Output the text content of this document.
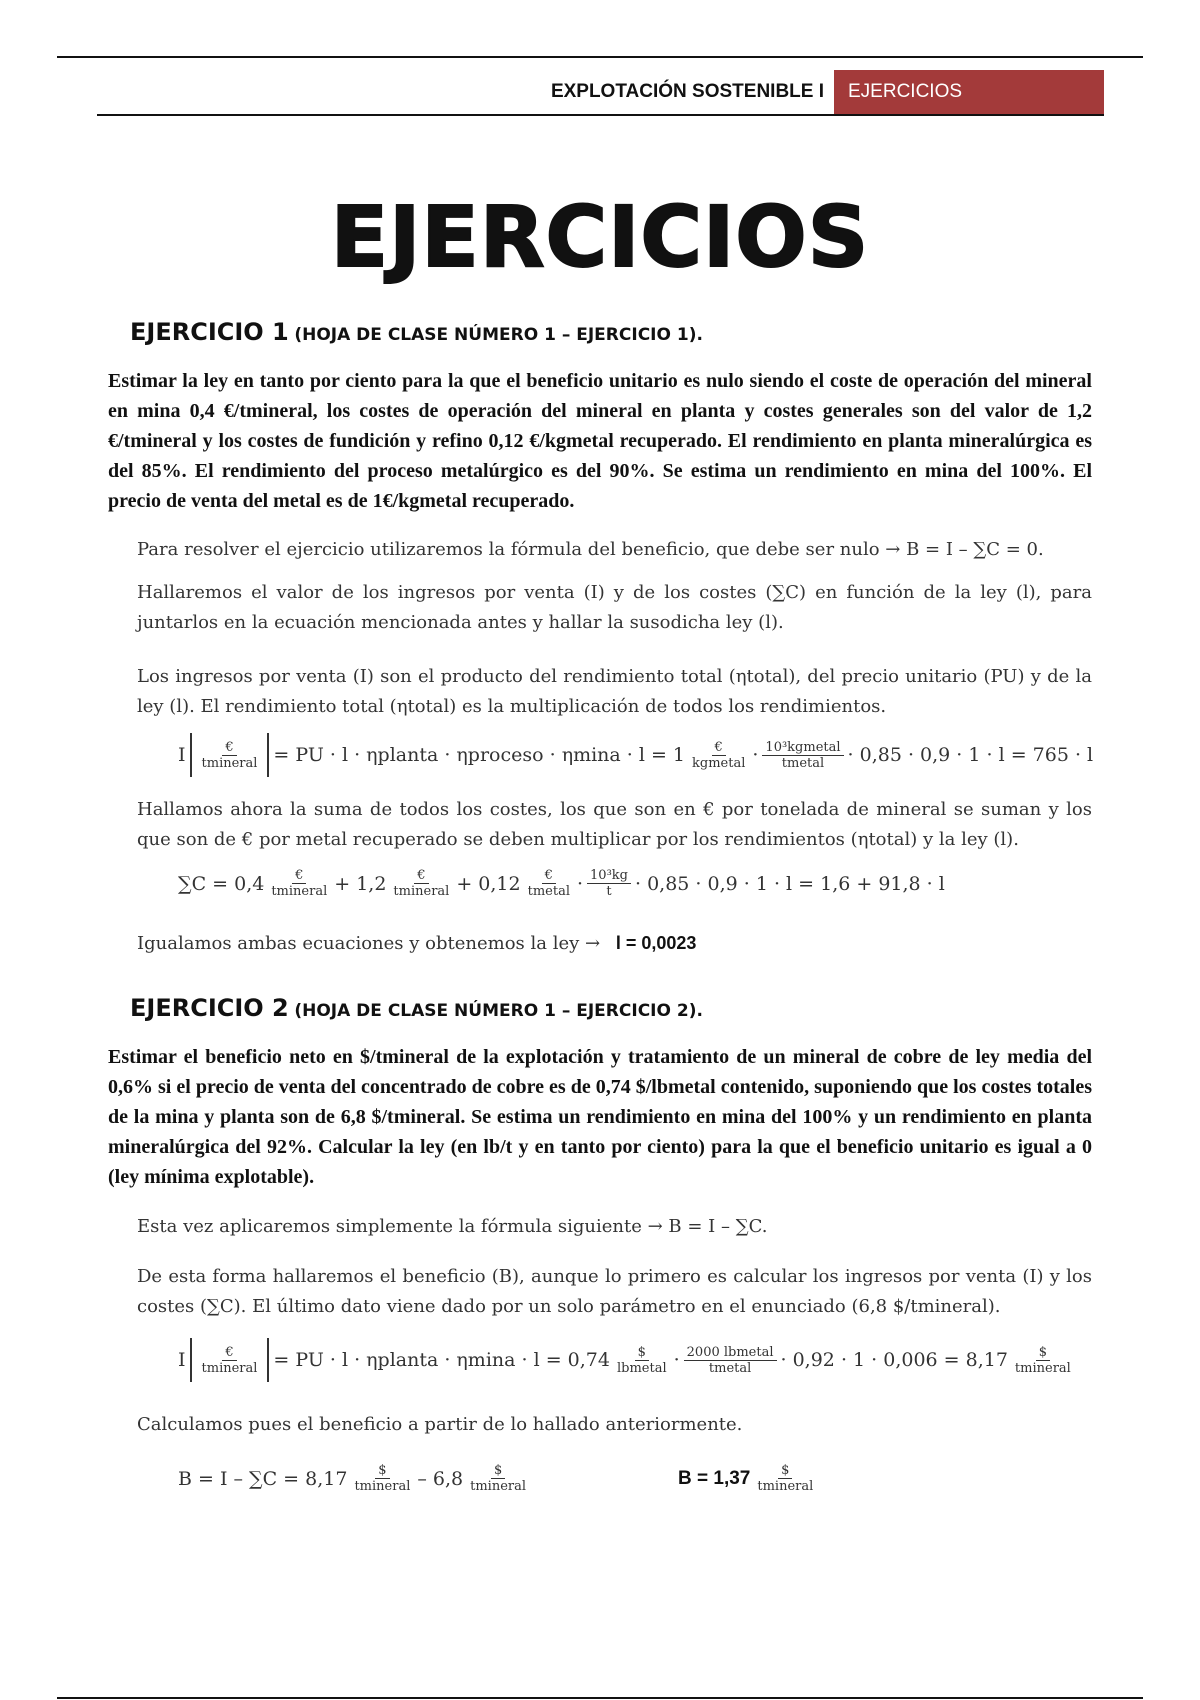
EXPLOTACIÓN SOSTENIBLE I	EJERCICIOS
EJERCICIOS
EJERCICIO 1 (HOJA DE CLASE NÚMERO 1 – EJERCICIO 1).
Estimar la ley en tanto por ciento para la que el beneficio unitario es nulo siendo el coste de operación del mineral en mina 0,4 €/tmineral, los costes de operación del mineral en planta y costes generales son del valor de 1,2 €/tmineral y los costes de fundición y refino 0,12 €/kgmetal recuperado. El rendimiento en planta mineralúrgica es del 85%. El rendimiento del proceso metalúrgico es del 90%. Se estima un rendimiento en mina del 100%. El precio de venta del metal es de 1€/kgmetal recuperado.
Para resolver el ejercicio utilizaremos la fórmula del beneficio, que debe ser nulo → B = I – ∑C = 0.
Hallaremos el valor de los ingresos por venta (I) y de los costes (∑C) en función de la ley (l), para juntarlos en la ecuación mencionada antes y hallar la susodicha ley (l).
Los ingresos por venta (I) son el producto del rendimiento total (ηtotal), del precio unitario (PU) y de la ley (l). El rendimiento total (ηtotal) es la multiplicación de todos los rendimientos.
I $\frac{€}{\text{tmineral}}$ = PU · l · ηplanta · ηproceso · $\eta\min a \cdot l = 1 \frac{€}{\text{kgmetal}} \cdot \frac{\text{10³kgmetal}}{\text{tmetal}} \cdot 0,85 \cdot 0,9 \cdot 1 \cdot l = 765 \cdot l$
Hallamos ahora la suma de todos los costes, los que son en € por tonelada de mineral se suman y los que son de € por metal recuperado se deben multiplicar por los rendimientos (ηtotal) y la ley (l).
$\sum C = 0,4 \frac{€}{\text{tmineral}} + 1,2 \frac{€}{\text{tmineral}} + 0,12 \frac{€}{\text{tmetal}} \cdot \frac{\text{10³kg}}{t} \cdot 0,85 \cdot 0,9 \cdot 1 \cdot l = 1,6 + 91,8 \cdot l$
Igualamos ambas ecuaciones y obtenemos la ley → l = 0,0023
EJERCICIO 2 (HOJA DE CLASE NÚMERO 1 – EJERCICIO 2).
Estimar el beneficio neto en $/tmineral de la explotación y tratamiento de un mineral de cobre de ley media del 0,6% si el precio de venta del concentrado de cobre es de 0,74 $/lbmetal contenido, suponiendo que los costes totales de la mina y planta son de 6,8 $/tmineral. Se estima un rendimiento en mina del 100% y un rendimiento en planta mineralúrgica del 92%. Calcular la ley (en lb/t y en tanto por ciento) para la que el beneficio unitario es igual a 0 (ley mínima explotable).
Esta vez aplicaremos simplemente la fórmula siguiente → B = I – ∑C.
De esta forma hallaremos el beneficio (B), aunque lo primero es calcular los ingresos por venta (I) y los costes (∑C). El último dato viene dado por un solo parámetro en el enunciado (6,8 $/tmineral).
I $\frac{€}{\text{tmineral}}$ = PU · l · ηplanta · $\eta\min a \cdot l = 0,74 \frac{\$}{\text{lbmetal}} \cdot \frac{\text{2000 lbmetal}}{\text{tmetal}} \cdot 0,92 \cdot 1 \cdot 0,006 = 8,17 \frac{\$}{\text{tmineral}}$
Calculamos pues el beneficio a partir de lo hallado anteriormente.
$B = I - \sum C = 8,17 \frac{\$}{\text{tmineral}} - 6,8 \frac{\$}{\text{tmineral}}$	$B = 1,37 \frac{\$}{\text{tmineral}}$
